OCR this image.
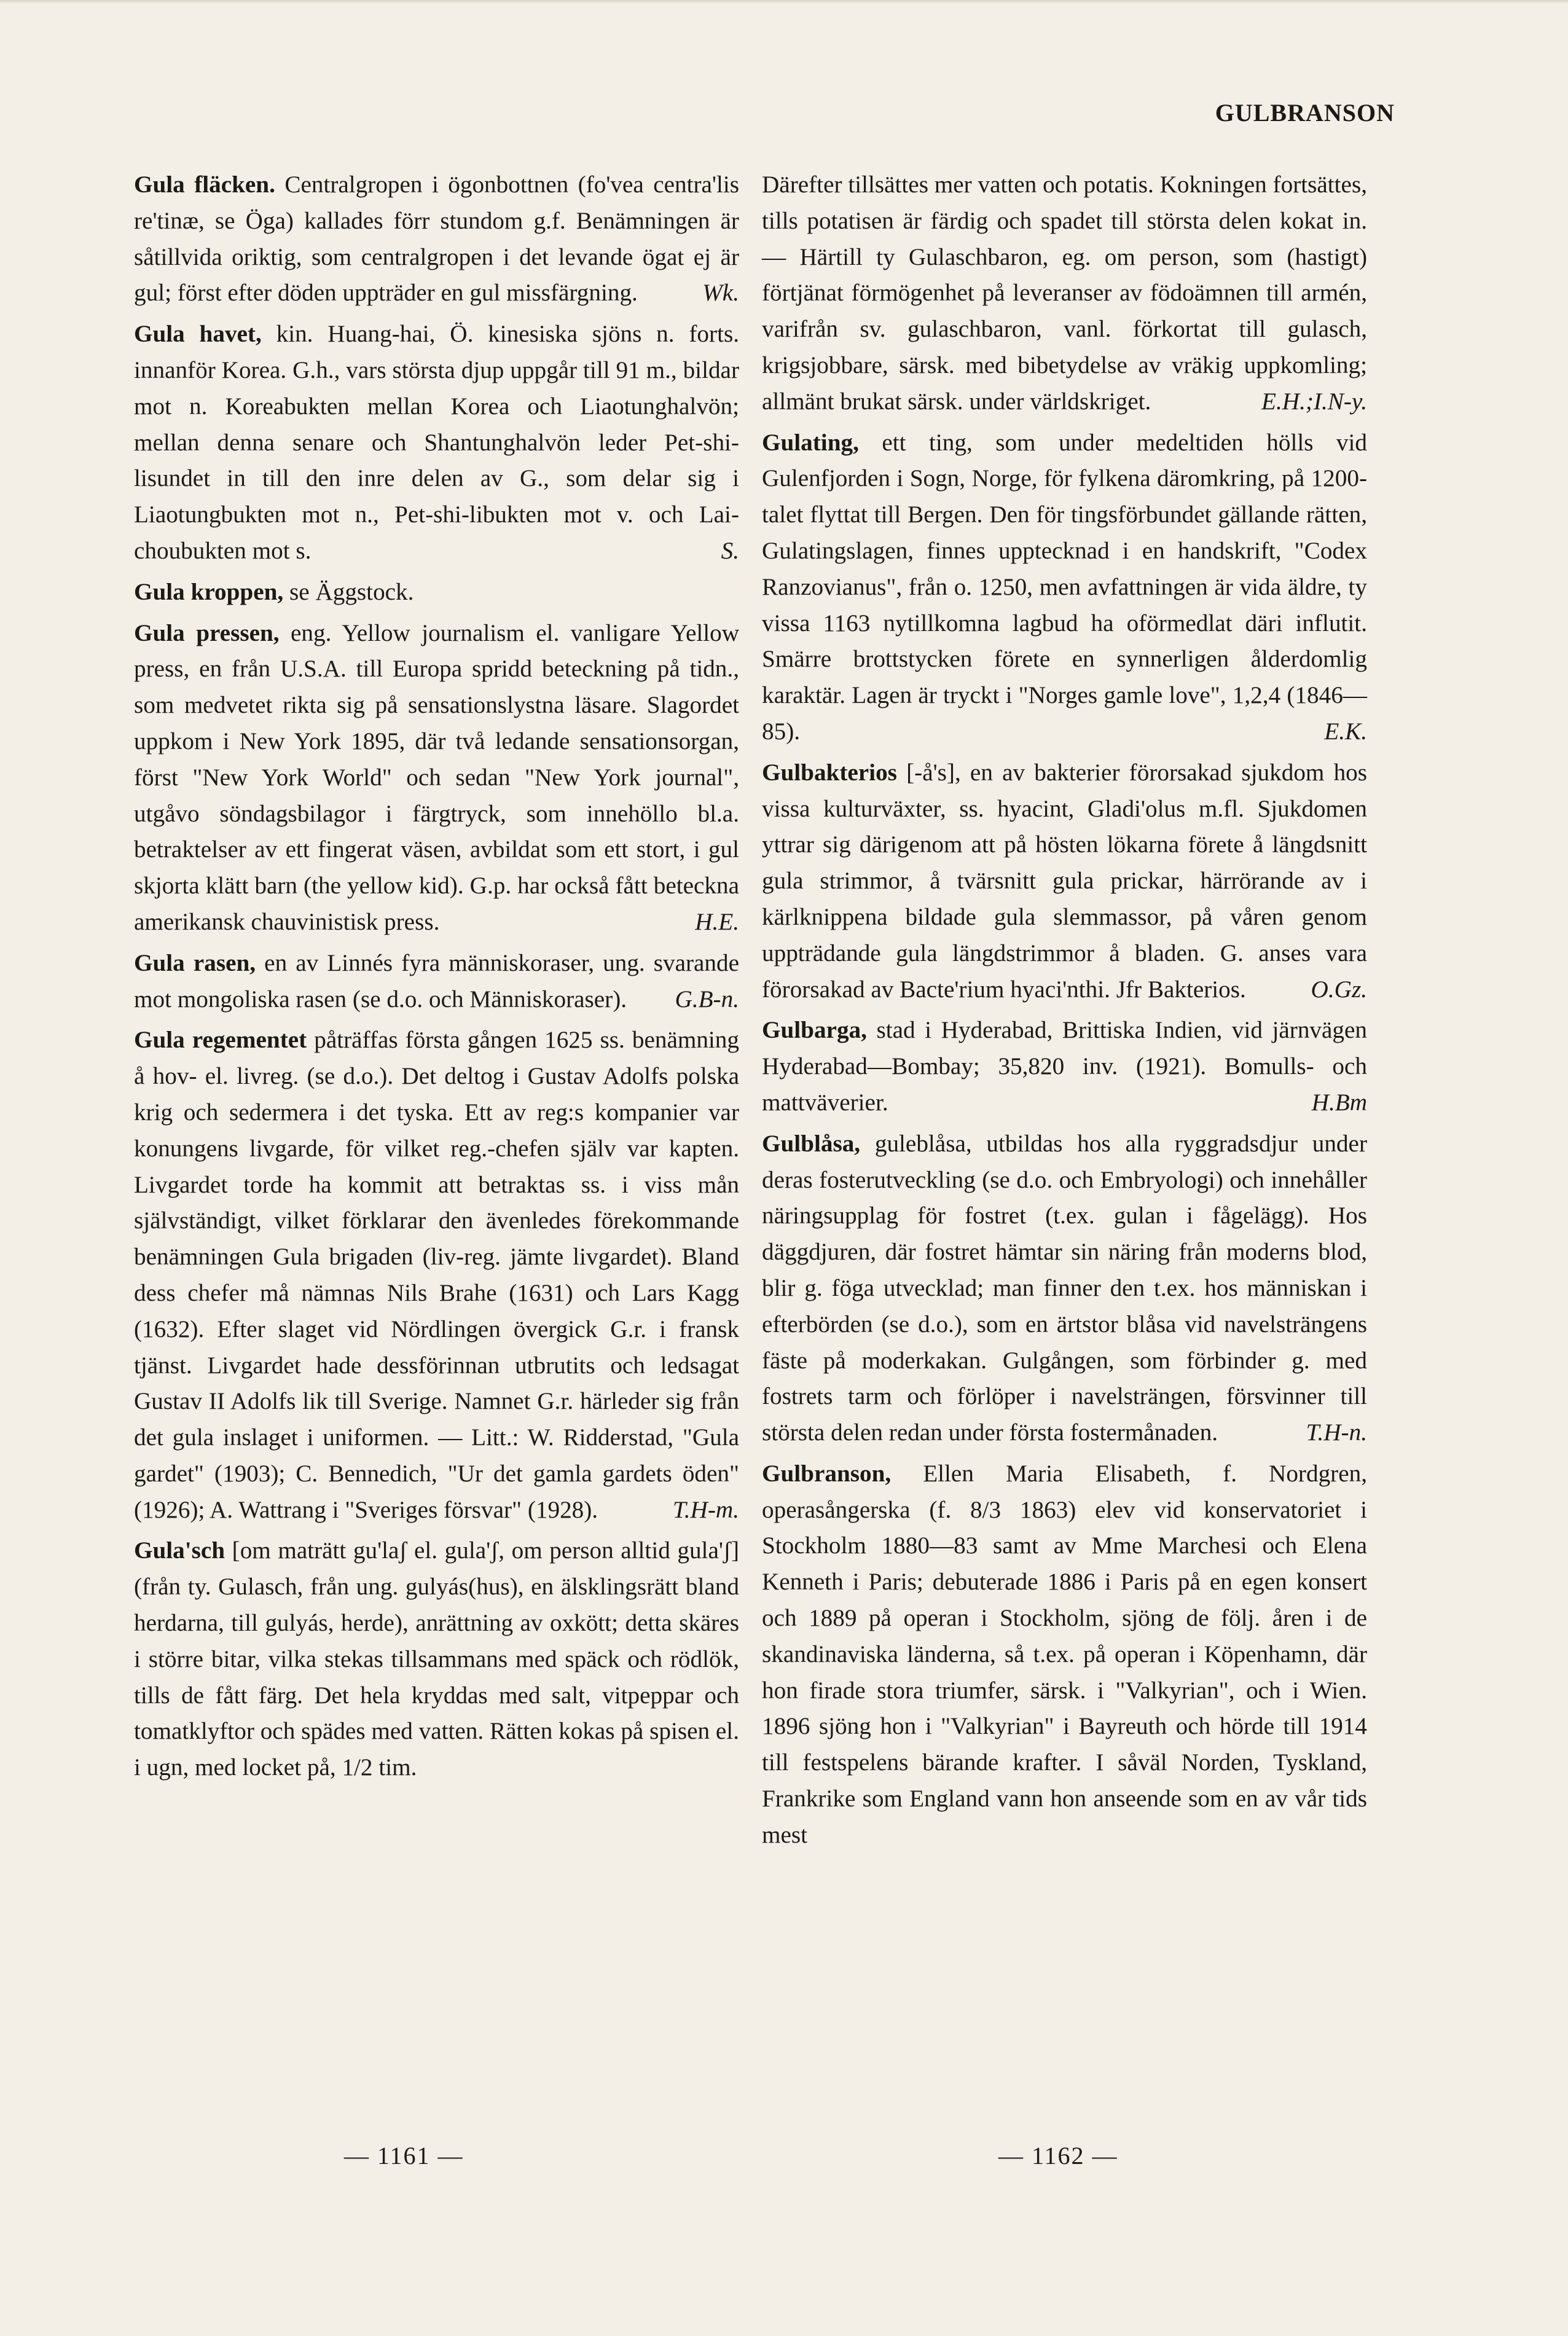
GULBRANSON

Gula fläcken. Centralgropen i ögonbottnen (fo'vea centra'lis re'tinæ, se Öga) kallades förr stundom g.f. Benämningen är såtillvida oriktig, som centralgropen i det levande ögat ej är gul; först efter döden uppträder en gul missfärgning.	Wk.

Gula havet, kin. Huang-hai, Ö. kinesiska sjöns n. forts. innanför Korea. G.h., vars största djup uppgår till 91 m., bildar mot n. Koreabukten mellan Korea och Liaotunghalvön; mellan denna senare och Shantunghalvön leder Pet-shi-lisundet in till den inre delen av G., som delar sig i Liaotungbukten mot n., Pet-shi-libukten mot v. och Lai-choubukten mot s.	S.

Gula kroppen, se Äggstock.

Gula pressen, eng. Yellow journalism el. vanligare Yellow press, en från U.S.A. till Europa spridd beteckning på tidn., som medvetet rikta sig på sensationslystna läsare. Slagordet uppkom i New York 1895, där två ledande sensationsorgan, först "New York World" och sedan "New York journal", utgåvo söndagsbilagor i färgtryck, som innehöllo bl.a. betraktelser av ett fingerat väsen, avbildat som ett stort, i gul skjorta klätt barn (the yellow kid). G.p. har också fått beteckna amerikansk chauvinistisk press.	H.E.

Gula rasen, en av Linnés fyra människoraser, ung. svarande mot mongoliska rasen (se d.o. och Människoraser). G.B-n.

Gula regementet påträffas första gången 1625 ss. benämning å hov- el. livreg. (se d.o.). Det deltog i Gustav Adolfs polska krig och sedermera i det tyska. Ett av reg:s kompanier var konungens livgarde, för vilket reg.-chefen själv var kapten. Livgardet torde ha kommit att betraktas ss. i viss mån självständigt, vilket förklarar den ävenledes förekommande benämningen Gula brigaden (liv-reg. jämte livgardet). Bland dess chefer må nämnas Nils Brahe (1631) och Lars Kagg (1632). Efter slaget vid Nördlingen övergick G.r. i fransk tjänst. Livgardet hade dessförinnan utbrutits och ledsagat Gustav II Adolfs lik till Sverige. Namnet G.r. härleder sig från det gula inslaget i uniformen. — Litt.: W. Ridderstad, "Gula gardet" (1903); C. Bennedich, "Ur det gamla gardets öden" (1926); A. Wattrang i "Sveriges försvar" (1928).	T.H-m.

Gula'sch [om maträtt gu'laʃ el. gula'ʃ, om person alltid gula'ʃ] (från ty. Gulasch, från ung. gulyás(hus), en älsklingsrätt bland herdarna, till gulyás, herde), anrättning av oxkött; detta skäres i större bitar, vilka stekas tillsammans med späck och rödlök, tills de fått färg. Det hela kryddas med salt, vitpeppar och tomatklyftor och spädes med vatten. Rätten kokas på spisen el. i ugn, med locket på, 1/2 tim.

Därefter tillsättes mer vatten och potatis. Kokningen fortsättes, tills potatisen är färdig och spadet till största delen kokat in. — Härtill ty Gulaschbaron, eg. om person, som (hastigt) förtjänat förmögenhet på leveranser av födoämnen till armén, varifrån sv. gulaschbaron, vanl. förkortat till gulasch, krigsjobbare, särsk. med bibetydelse av vräkig uppkomling; allmänt brukat särsk. under världskriget.	E.H.;I.N-y.

Gulating, ett ting, som under medeltiden hölls vid Gulenfjorden i Sogn, Norge, för fylkena däromkring, på 1200-talet flyttat till Bergen. Den för tingsförbundet gällande rätten, Gulatingslagen, finnes upptecknad i en handskrift, "Codex Ranzovianus", från o. 1250, men avfattningen är vida äldre, ty vissa 1163 nytillkomna lagbud ha oförmedlat däri influtit. Smärre brottstycken förete en synnerligen ålderdomlig karaktär. Lagen är tryckt i "Norges gamle love", 1,2,4 (1846—85).	E.K.

Gulbakterios [-å's], en av bakterier förorsakad sjukdom hos vissa kulturväxter, ss. hyacint, Gladi'olus m.fl. Sjukdomen yttrar sig därigenom att på hösten lökarna förete å längdsnitt gula strimmor, å tvärsnitt gula prickar, härrörande av i kärlknippena bildade gula slemmassor, på våren genom uppträdande gula längdstrimmor å bladen. G. anses vara förorsakad av Bacte'rium hyaci'nthi. Jfr Bakterios.	O.Gz.

Gulbarga, stad i Hyderabad, Brittiska Indien, vid järnvägen Hyderabad—Bombay; 35,820 inv. (1921). Bomulls- och mattväverier.	H.Bm

Gulblåsa, guleblåsa, utbildas hos alla ryggradsdjur under deras fosterutveckling (se d.o. och Embryologi) och innehåller näringsupplag för fostret (t.ex. gulan i fågelägg). Hos däggdjuren, där fostret hämtar sin näring från moderns blod, blir g. föga utvecklad; man finner den t.ex. hos människan i efterbörden (se d.o.), som en ärtstor blåsa vid navelsträngens fäste på moderkakan. Gulgången, som förbinder g. med fostrets tarm och förlöper i navelsträngen, försvinner till största delen redan under första fostermånaden.	T.H-n.

Gulbranson, Ellen Maria Elisabeth, f. Nordgren, operasångerska (f. 8/3 1863) elev vid konservatoriet i Stockholm 1880—83 samt av Mme Marchesi och Elena Kenneth i Paris; debuterade 1886 i Paris på en egen konsert och 1889 på operan i Stockholm, sjöng de följ. åren i de skandinaviska länderna, så t.ex. på operan i Köpenhamn, där hon firade stora triumfer, särsk. i "Valkyrian", och i Wien. 1896 sjöng hon i "Valkyrian" i Bayreuth och hörde till 1914 till festspelens bärande krafter. I såväl Norden, Tyskland, Frankrike som England vann hon anseende som en av vår tids mest

— 1161 —	— 1162 —
